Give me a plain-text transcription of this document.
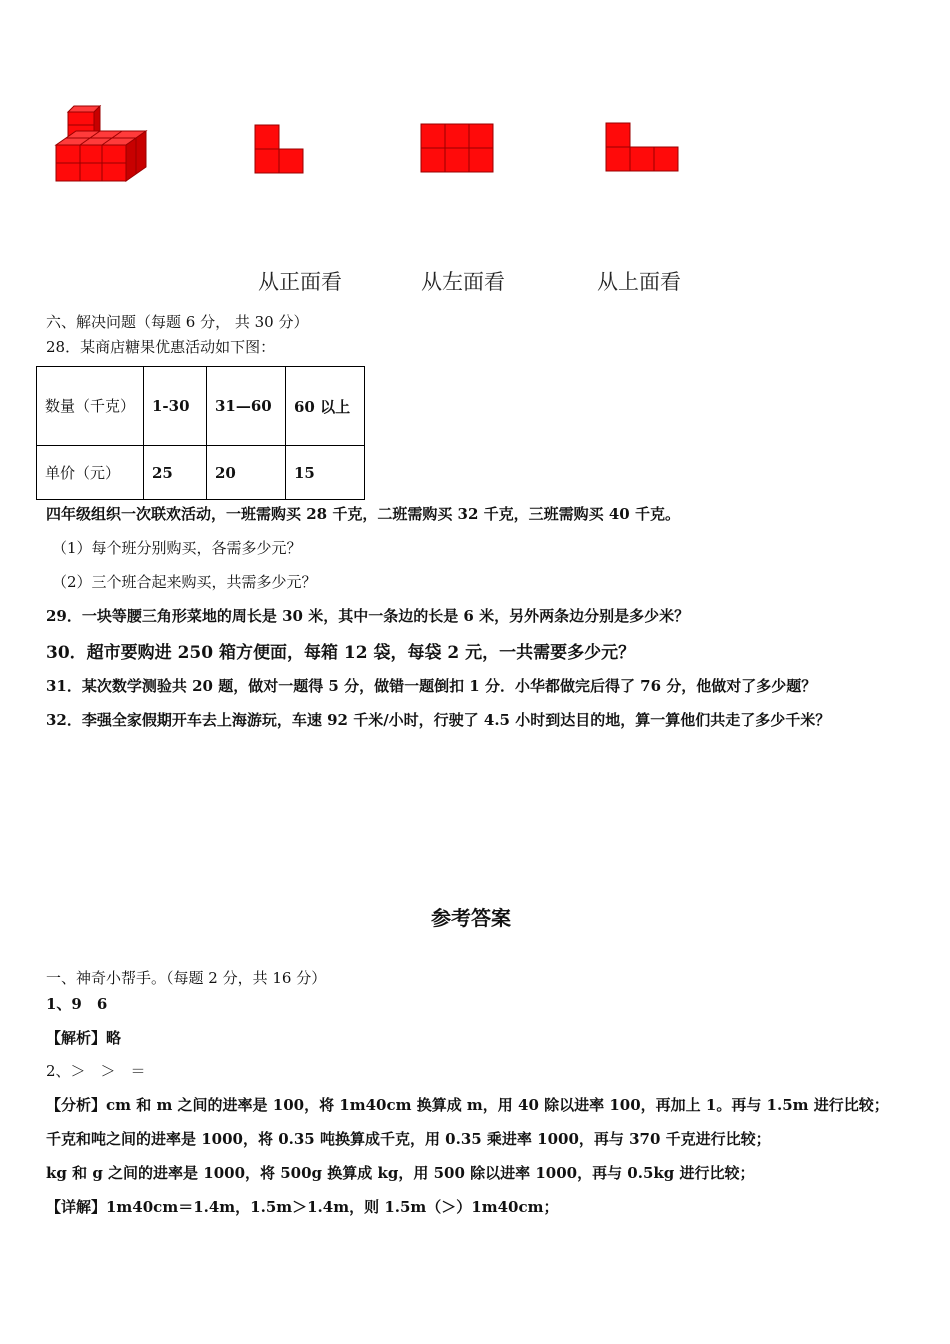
从正面看	从左面看	从上面看
六、解决问题（每题 6 分， 共 30 分）
28．某商店糖果优惠活动如下图：
数量（千克）	1-30	31—60	60 以上
单价（元）	25	20	15
四年级组织一次联欢活动，一班需购买 28 千克，二班需购买 32 千克，三班需购买 40 千克。
（1）每个班分别购买，各需多少元？
（2）三个班合起来购买，共需多少元？
29．一块等腰三角形菜地的周长是 30 米，其中一条边的长是 6 米，另外两条边分别是多少米？
30．超市要购进 250 箱方便面，每箱 12 袋，每袋 2 元，一共需要多少元？
31．某次数学测验共 20 题，做对一题得 5 分，做错一题倒扣 1 分．小华都做完后得了 76 分，他做对了多少题？
32．李强全家假期开车去上海游玩，车速 92 千米/小时，行驶了 4.5 小时到达目的地，算一算他们共走了多少千米？
参考答案
一、神奇小帮手。（每题 2 分，共 16 分）
1、9　6
【解析】略
2、＞　＞　＝
【分析】cm 和 m 之间的进率是 100，将 1m40cm 换算成 m，用 40 除以进率 100，再加上 1。再与 1.5m 进行比较；
千克和吨之间的进率是 1000，将 0.35 吨换算成千克，用 0.35 乘进率 1000，再与 370 千克进行比较；
kg 和 g 之间的进率是 1000，将 500g 换算成 kg，用 500 除以进率 1000，再与 0.5kg 进行比较；
【详解】1m40cm＝1.4m，1.5m＞1.4m，则 1.5m（＞）1m40cm；
